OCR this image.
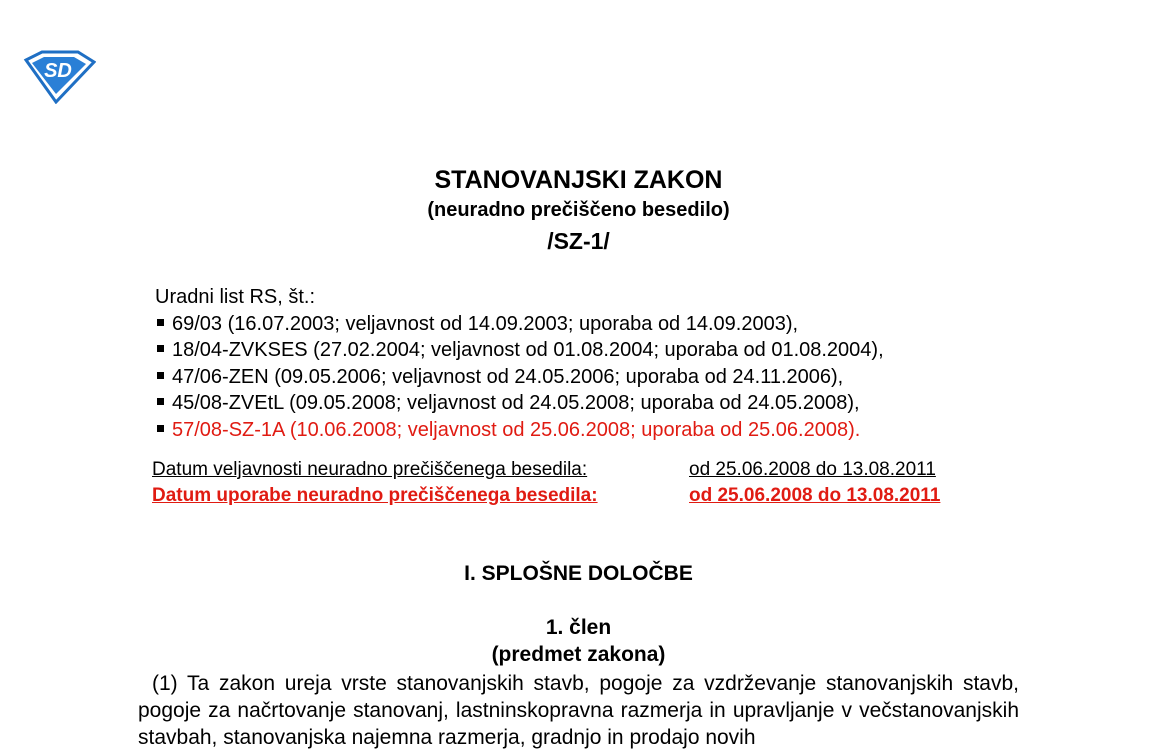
SD
STANOVANJSKI ZAKON
(neuradno prečiščeno besedilo)
/SZ-1/
Uradni list RS, št.:
69/03 (16.07.2003; veljavnost od 14.09.2003; uporaba od 14.09.2003),
18/04-ZVKSES (27.02.2004; veljavnost od 01.08.2004; uporaba od 01.08.2004),
47/06-ZEN (09.05.2006; veljavnost od 24.05.2006; uporaba od 24.11.2006),
45/08-ZVEtL (09.05.2008; veljavnost od 24.05.2008; uporaba od 24.05.2008),
57/08-SZ-1A (10.06.2008; veljavnost od 25.06.2008; uporaba od 25.06.2008).
Datum veljavnosti neuradno prečiščenega besedila:	od 25.06.2008 do 13.08.2011
Datum uporabe neuradno prečiščenega besedila:	od 25.06.2008 do 13.08.2011
I. SPLOŠNE DOLOČBE
1. člen
(predmet zakona)

(1) Ta zakon ureja vrste stanovanjskih stavb, pogoje za vzdrževanje stanovanjskih stavb, pogoje za načrtovanje stanovanj, lastninskopravna razmerja in upravljanje v večstanovanjskih stavbah, stanovanjska najemna razmerja, gradnjo in prodajo novih
